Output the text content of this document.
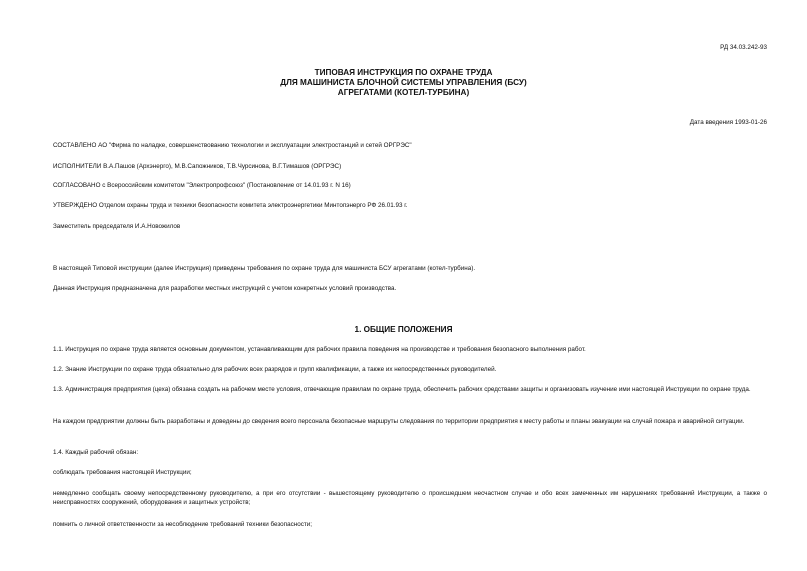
РД 34.03.242-93
ТИПОВАЯ ИНСТРУКЦИЯ ПО ОХРАНЕ ТРУДА
ДЛЯ МАШИНИСТА БЛОЧНОЙ СИСТЕМЫ УПРАВЛЕНИЯ (БСУ)
АГРЕГАТАМИ (КОТЕЛ-ТУРБИНА)
Дата введения 1993-01-26
СОСТАВЛЕНО АО "Фирма по наладке, совершенствованию технологии и эксплуатации электростанций и сетей ОРГРЭС"
ИСПОЛНИТЕЛИ В.А.Пашов (Архэнерго), М.В.Сапожников, Т.В.Чурсинова, В.Г.Тимашов (ОРГРЭС)
СОГЛАСОВАНО с Всероссийским комитетом "Электропрофсоюз" (Постановление от 14.01.93 г. N 16)
УТВЕРЖДЕНО Отделом охраны труда и техники безопасности комитета электроэнергетики Минтопэнерго РФ 26.01.93 г.
Заместитель председателя И.А.Новожилов
В настоящей Типовой инструкции (далее Инструкция) приведены требования по охране труда для машиниста БСУ агрегатами (котел-турбина).
Данная Инструкция предназначена для разработки местных инструкций с учетом конкретных условий производства.
1. ОБЩИЕ ПОЛОЖЕНИЯ
1.1. Инструкция по охране труда является основным документом, устанавливающим для рабочих правила поведения на производстве и требования безопасного выполнения работ.
1.2. Знание Инструкции по охране труда обязательно для рабочих всех разрядов и групп квалификации, а также их непосредственных руководителей.
1.3. Администрация предприятия (цеха) обязана создать на рабочем месте условия, отвечающие правилам по охране труда, обеспечить рабочих средствами защиты и организовать изучение ими настоящей Инструкции по охране труда.
На каждом предприятии должны быть разработаны и доведены до сведения всего персонала безопасные маршруты следования по территории предприятия к месту работы и планы эвакуации на случай пожара и аварийной ситуации.
1.4. Каждый рабочий обязан:
соблюдать требования настоящей Инструкции;
немедленно сообщать своему непосредственному руководителю, а при его отсутствии - вышестоящему руководителю о происшедшем несчастном случае и обо всех замеченных им нарушениях требований Инструкции, а также о неисправностях сооружений, оборудования и защитных устройств;
помнить о личной ответственности за несоблюдение требований техники безопасности;
